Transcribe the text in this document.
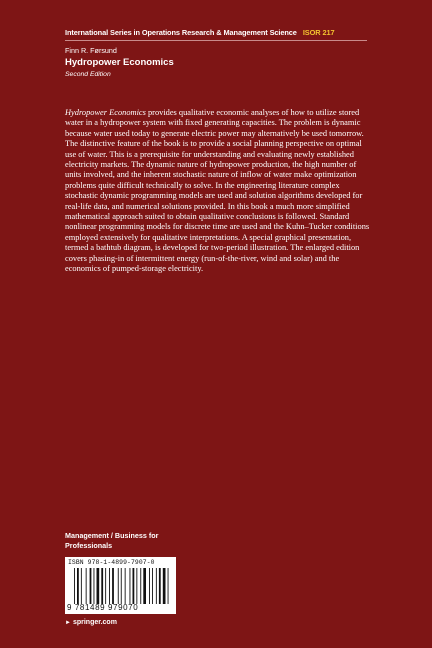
International Series in Operations Research & Management Science ISOR 217
Finn R. Førsund
Hydropower Economics
Second Edition

Hydropower Economics provides qualitative economic analyses of how to utilize stored water in a hydropower system with fixed generating capacities. The problem is dynamic because water used today to generate electric power may alternatively be used tomorrow. The distinctive feature of the book is to provide a social planning perspective on optimal use of water. This is a prerequisite for understanding and evaluating newly established electricity markets. The dynamic nature of hydropower production, the high number of units involved, and the inherent stochastic nature of inflow of water make optimization problems quite difficult technically to solve. In the engineering literature complex stochastic dynamic programming models are used and solution algorithms developed for real-life data, and numerical solutions provided. In this book a much more simplified mathematical approach suited to obtain qualitative conclusions is followed. Standard nonlinear programming models for discrete time are used and the Kuhn–Tucker conditions employed extensively for qualitative interpretations. A special graphical presentation, termed a bathtub diagram, is developed for two-period illustration. The enlarged edition covers phasing-in of intermittent energy (run-of-the-river, wind and solar) and the economics of pumped-storage electricity.

Management / Business for
Professionals
ISBN 978-1-4899-7907-0
9 781489 979070
► springer.com
